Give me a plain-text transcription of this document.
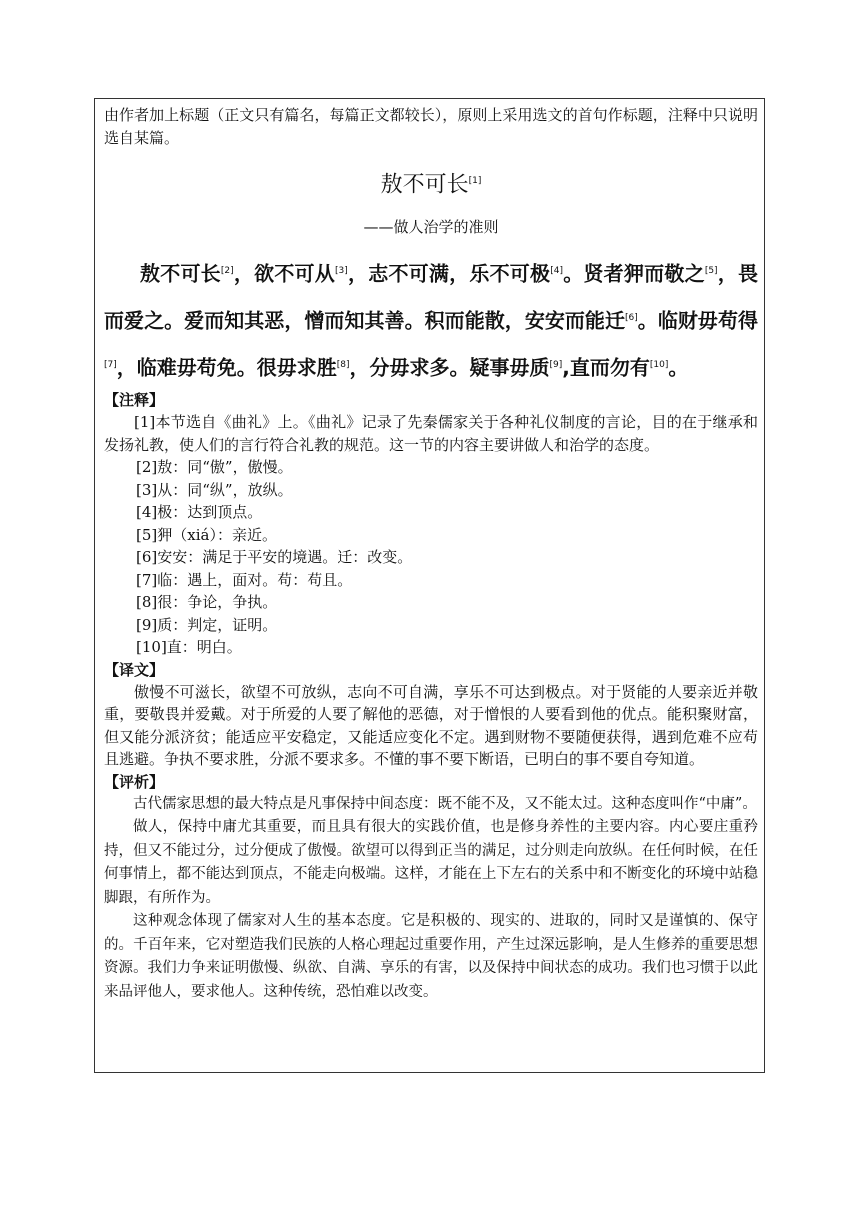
由作者加上标题（正文只有篇名，每篇正文都较长），原则上采用选文的首句作标题，注释中只说明选自某篇。

敖不可长[1]
——做人治学的准则
敖不可长[2]，欲不可从[3]，志不可满，乐不可极[4]。贤者狎而敬之[5]，畏而爱之。爱而知其恶，憎而知其善。积而能散，安安而能迁[6]。临财毋苟得[7]，临难毋苟免。很毋求胜[8]，分毋求多。疑事毋质[9],直而勿有[10]。
【注释】
[1]本节选自《曲礼》上。《曲礼》记录了先秦儒家关于各种礼仪制度的言论，目的在于继承和发扬礼教，使人们的言行符合礼教的规范。这一节的内容主要讲做人和治学的态度。
[2]敖：同“傲”，傲慢。
[3]从：同“纵”，放纵。
[4]极：达到顶点。
[5]狎（xiá）：亲近。
[6]安安：满足于平安的境遇。迁：改变。
[7]临：遇上，面对。苟：苟且。
[8]很：争论，争执。
[9]质：判定，证明。
[10]直：明白。
【译文】
傲慢不可滋长，欲望不可放纵，志向不可自满，享乐不可达到极点。对于贤能的人要亲近并敬重，要敬畏并爱戴。对于所爱的人要了解他的恶德，对于憎恨的人要看到他的优点。能积聚财富，但又能分派济贫；能适应平安稳定，又能适应变化不定。遇到财物不要随便获得，遇到危难不应苟且逃避。争执不要求胜，分派不要求多。不懂的事不要下断语，已明白的事不要自夸知道。
【评析】
古代儒家思想的最大特点是凡事保持中间态度：既不能不及，又不能太过。这种态度叫作“中庸”。
做人，保持中庸尤其重要，而且具有很大的实践价值，也是修身养性的主要内容。内心要庄重矜持，但又不能过分，过分便成了傲慢。欲望可以得到正当的满足，过分则走向放纵。在任何时候，在任何事情上，都不能达到顶点，不能走向极端。这样，才能在上下左右的关系中和不断变化的环境中站稳脚跟，有所作为。
这种观念体现了儒家对人生的基本态度。它是积极的、现实的、进取的，同时又是谨慎的、保守的。千百年来，它对塑造我们民族的人格心理起过重要作用，产生过深远影响，是人生修养的重要思想资源。我们力争来证明傲慢、纵欲、自满、享乐的有害，以及保持中间状态的成功。我们也习惯于以此来品评他人，要求他人。这种传统，恐怕难以改变。
